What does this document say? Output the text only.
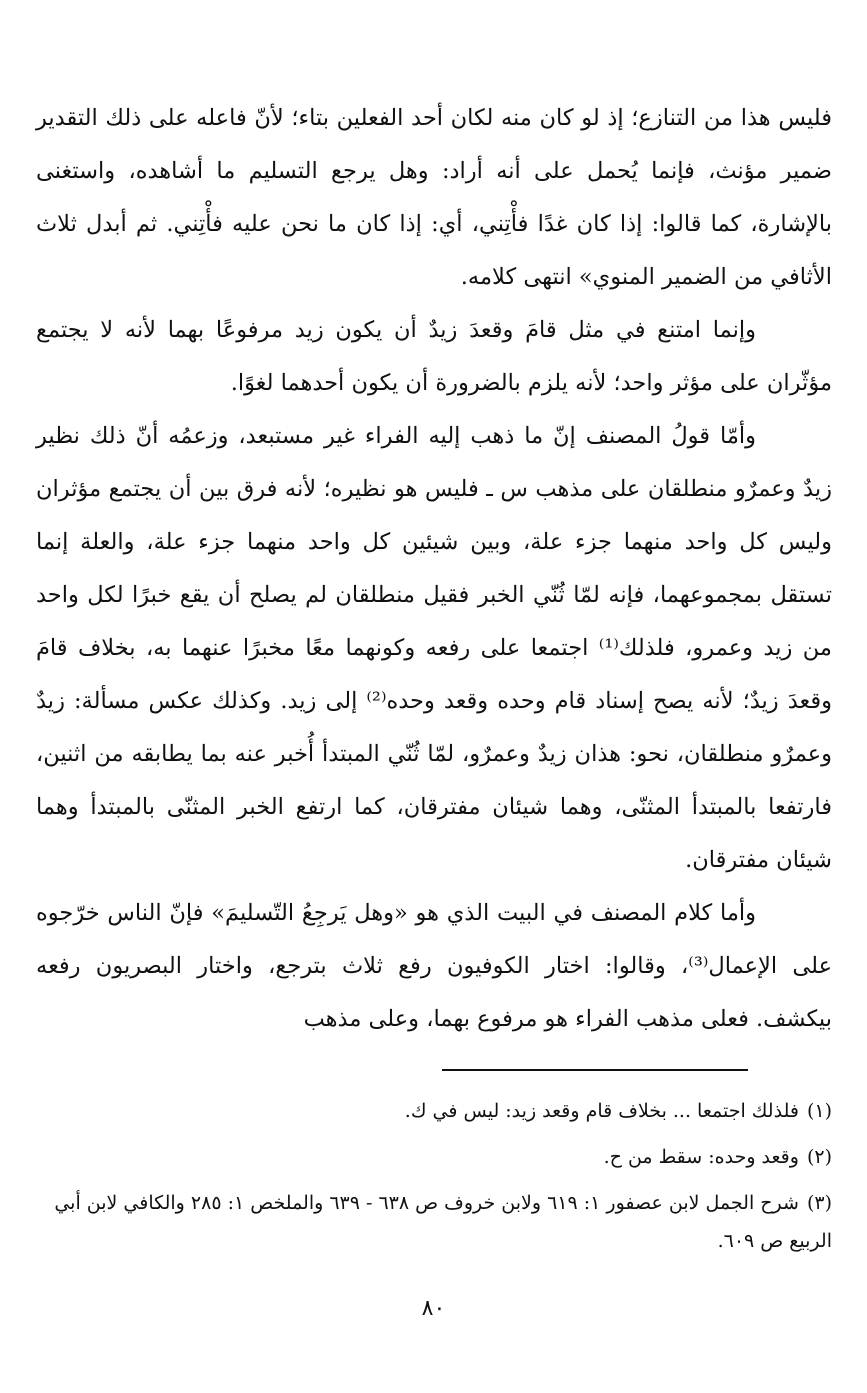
فليس هذا من التنازع؛ إذ لو كان منه لكان أحد الفعلين بتاء؛ لأنّ فاعله على ذلك التقدير ضمير مؤنث، فإنما يُحمل على أنه أراد: وهل يرجع التسليم ما أشاهده، واستغنى بالإشارة، كما قالوا: إذا كان غدًا فأْتِني، أي: إذا كان ما نحن عليه فأْتِني. ثم أبدل ثلاث الأثافي من الضمير المنوي» انتهى كلامه.

وإنما امتنع في مثل قامَ وقعدَ زيدٌ أن يكون زيد مرفوعًا بهما لأنه لا يجتمع مؤثّران على مؤثر واحد؛ لأنه يلزم بالضرورة أن يكون أحدهما لغوًا.

وأمّا قولُ المصنف إنّ ما ذهب إليه الفراء غير مستبعد، وزعمُه أنّ ذلك نظير زيدٌ وعمرٌو منطلقان على مذهب س ـ فليس هو نظيره؛ لأنه فرق بين أن يجتمع مؤثران وليس كل واحد منهما جزء علة، وبين شيئين كل واحد منهما جزء علة، والعلة إنما تستقل بمجموعهما، فإنه لمّا ثُنّي الخبر فقيل منطلقان لم يصلح أن يقع خبرًا لكل واحد من زيد وعمرو، فلذلك⁽¹⁾ اجتمعا على رفعه وكونهما معًا مخبرًا عنهما به، بخلاف قامَ وقعدَ زيدٌ؛ لأنه يصح إسناد قام وحده وقعد وحده⁽²⁾ إلى زيد. وكذلك عكس مسألة: زيدٌ وعمرٌو منطلقان، نحو: هذان زيدٌ وعمرٌو، لمّا ثُنّي المبتدأ أُخبر عنه بما يطابقه من اثنين، فارتفعا بالمبتدأ المثنّى، وهما شيئان مفترقان، كما ارتفع الخبر المثنّى بالمبتدأ وهما شيئان مفترقان.

وأما كلام المصنف في البيت الذي هو «وهل يَرجِعُ التّسليمَ» فإنّ الناس خرّجوه على الإعمال⁽³⁾، وقالوا: اختار الكوفيون رفع ثلاث بترجع، واختار البصريون رفعه بيكشف. فعلى مذهب الفراء هو مرفوع بهما، وعلى مذهب

(١)فلذلك اجتمعا ... بخلاف قام وقعد زيد: ليس في ك.
(٢)وقعد وحده: سقط من ح.
(٣)شرح الجمل لابن عصفور ١: ٦١٩ ولابن خروف ص ٦٣٨ - ٦٣٩ والملخص ١: ٢٨٥ والكافي لابن أبي الربيع ص ٦٠٩.
٨٠
